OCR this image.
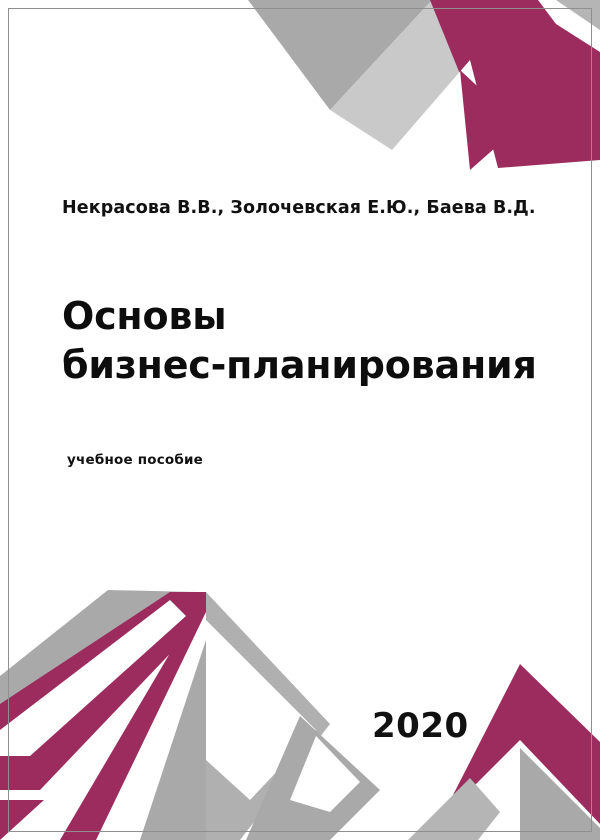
Некрасова В.В., Золочевская Е.Ю., Баева В.Д.
Основы
бизнес-планирования
учебное пособие
2020
